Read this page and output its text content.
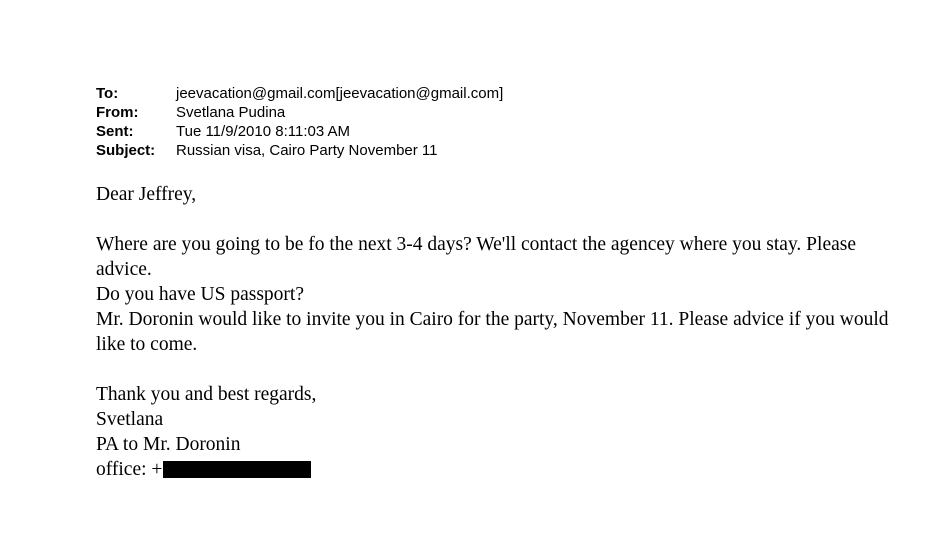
To:	jeevacation@gmail.com[jeevacation@gmail.com]
From:	Svetlana Pudina
Sent:	Tue 11/9/2010 8:11:03 AM
Subject: Russian visa, Cairo Party November 11

Dear Jeffrey,

Where are you going to be fo the next 3-4 days? We'll contact the agencey where you stay. Please advice.

Do you have US passport?

Mr. Doronin would like to invite you in Cairo for the party, November 11. Please advice if you would like to come.

Thank you and best regards,

Svetlana

PA to Mr. Doronin

office: +
